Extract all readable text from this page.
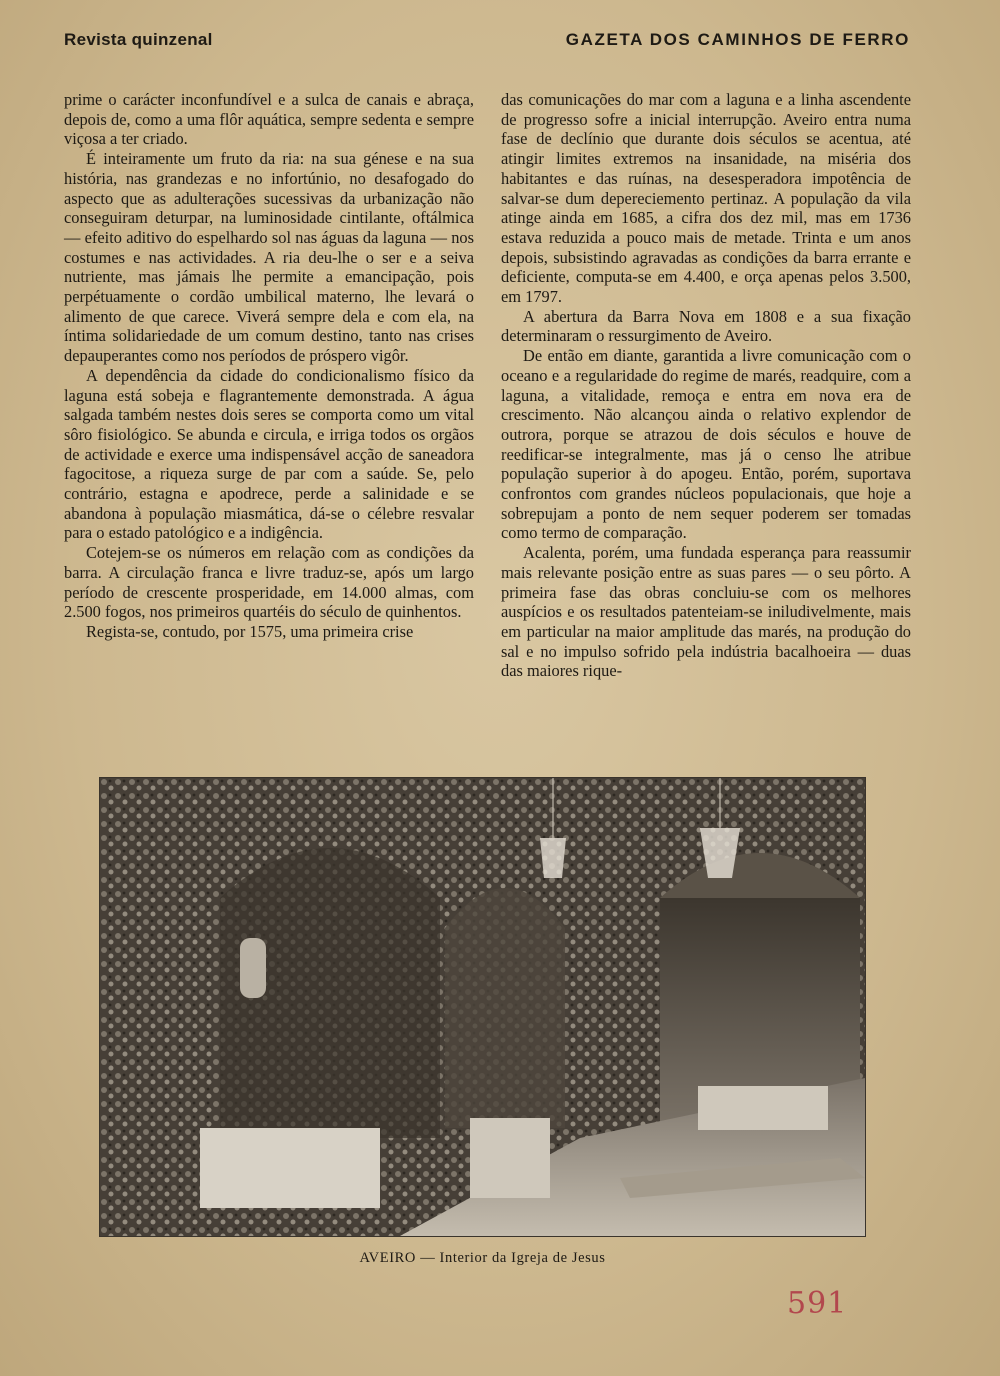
Revista quinzenal	GAZETA DOS CAMINHOS DE FERRO

prime o carácter inconfundível e a sulca de canais e abraça, depois de, como a uma flôr aquática, sempre sedenta e sempre viçosa a ter criado.

É inteiramente um fruto da ria: na sua génese e na sua história, nas grandezas e no infortúnio, no desafogado do aspecto que as adulterações sucessivas da urbanização não conseguiram deturpar, na luminosidade cintilante, oftálmica — efeito aditivo do espelhardo sol nas águas da laguna — nos costumes e nas actividades. A ria deu-lhe o ser e a seiva nutriente, mas jámais lhe permite a emancipação, pois perpétuamente o cordão umbilical materno, lhe levará o alimento de que carece. Viverá sempre dela e com ela, na íntima solidariedade de um comum destino, tanto nas crises depauperantes como nos períodos de próspero vigôr.

A dependência da cidade do condicionalismo físico da laguna está sobeja e flagrantemente demonstrada. A água salgada também nestes dois seres se comporta como um vital sôro fisiológico. Se abunda e circula, e irriga todos os orgãos de actividade e exerce uma indispensável acção de saneadora fagocitose, a riqueza surge de par com a saúde. Se, pelo contrário, estagna e apodrece, perde a salinidade e se abandona à população miasmática, dá-se o célebre resvalar para o estado patológico e a indigência.

Cotejem-se os números em relação com as condições da barra. A circulação franca e livre traduz-se, após um largo período de crescente prosperidade, em 14.000 almas, com 2.500 fogos, nos primeiros quartéis do século de quinhentos.

Regista-se, contudo, por 1575, uma primeira crise

das comunicações do mar com a laguna e a linha ascendente de progresso sofre a inicial interrupção. Aveiro entra numa fase de declínio que durante dois séculos se acentua, até atingir limites extremos na insanidade, na miséria dos habitantes e das ruínas, na desesperadora impotência de salvar-se dum depereciemento pertinaz. A população da vila atinge ainda em 1685, a cifra dos dez mil, mas em 1736 estava reduzida a pouco mais de metade. Trinta e um anos depois, subsistindo agravadas as condições da barra errante e deficiente, computa-se em 4.400, e orça apenas pelos 3.500, em 1797.

A abertura da Barra Nova em 1808 e a sua fixação determinaram o ressurgimento de Aveiro.

De então em diante, garantida a livre comunicação com o oceano e a regularidade do regime de marés, readquire, com a laguna, a vitalidade, remoça e entra em nova era de crescimento. Não alcançou ainda o relativo explendor de outrora, porque se atrazou de dois séculos e houve de reedificar-se integralmente, mas já o censo lhe atribue população superior à do apogeu. Então, porém, suportava confrontos com grandes núcleos populacionais, que hoje a sobrepujam a ponto de nem sequer poderem ser tomadas como termo de comparação.

Acalenta, porém, uma fundada esperança para reassumir mais relevante posição entre as suas pares — o seu pôrto. A primeira fase das obras concluiu-se com os melhores auspícios e os resultados patenteiam-se iniludivelmente, mais em particular na maior amplitude das marés, na produção do sal e no impulso sofrido pela indústria bacalhoeira — duas das maiores rique-

AVEIRO — Interior da Igreja de Jesus
591
